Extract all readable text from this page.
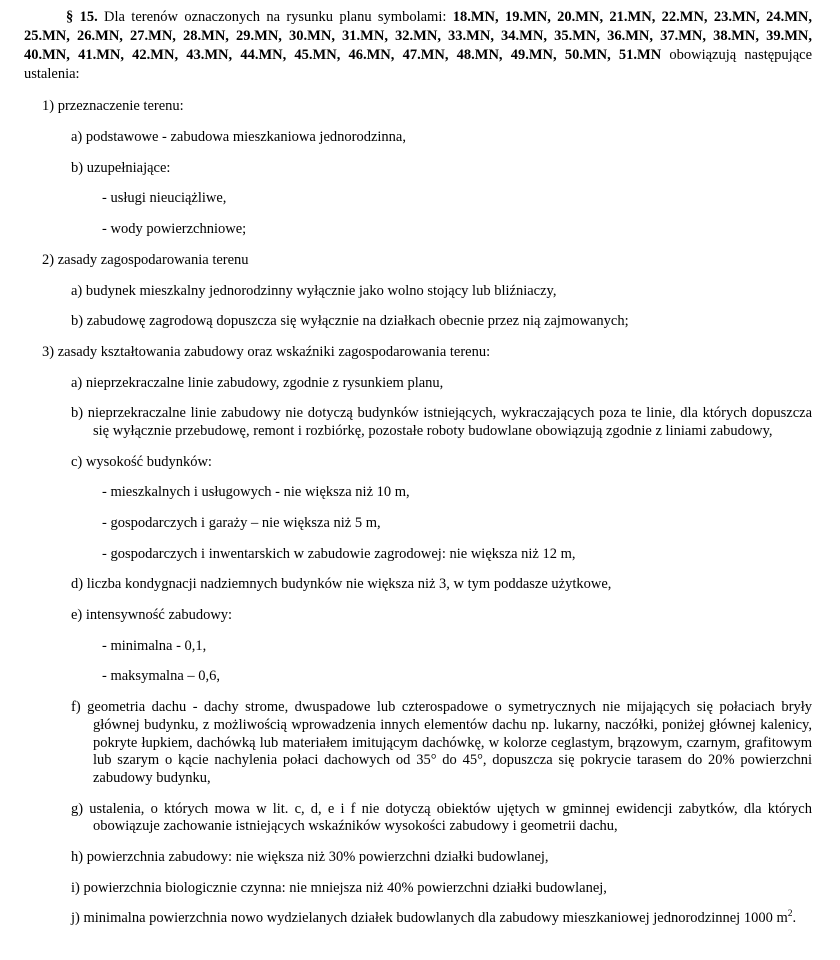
§ 15. Dla terenów oznaczonych na rysunku planu symbolami: 18.MN, 19.MN, 20.MN, 21.MN, 22.MN, 23.MN, 24.MN, 25.MN, 26.MN, 27.MN, 28.MN, 29.MN, 30.MN, 31.MN, 32.MN, 33.MN, 34.MN, 35.MN, 36.MN, 37.MN, 38.MN, 39.MN, 40.MN, 41.MN, 42.MN, 43.MN, 44.MN, 45.MN, 46.MN, 47.MN, 48.MN, 49.MN, 50.MN, 51.MN obowiązują następujące ustalenia:

1) przeznaczenie terenu:

a) podstawowe - zabudowa mieszkaniowa jednorodzinna,

b) uzupełniające:

- usługi nieuciążliwe,

- wody powierzchniowe;

2) zasady zagospodarowania terenu

a) budynek mieszkalny jednorodzinny wyłącznie jako wolno stojący lub bliźniaczy,

b) zabudowę zagrodową dopuszcza się wyłącznie na działkach obecnie przez nią zajmowanych;

3) zasady kształtowania zabudowy oraz wskaźniki zagospodarowania terenu:

a) nieprzekraczalne linie zabudowy, zgodnie z rysunkiem planu,

b) nieprzekraczalne linie zabudowy nie dotyczą budynków istniejących, wykraczających poza te linie, dla których dopuszcza się wyłącznie przebudowę, remont i rozbiórkę, pozostałe roboty budowlane obowiązują zgodnie z liniami zabudowy,

c) wysokość budynków:

- mieszkalnych i usługowych - nie większa niż 10 m,

- gospodarczych i garaży – nie większa niż 5 m,

- gospodarczych i inwentarskich w zabudowie zagrodowej: nie większa niż 12 m,

d) liczba kondygnacji nadziemnych budynków nie większa niż 3, w tym poddasze użytkowe,

e) intensywność zabudowy:

- minimalna - 0,1,

- maksymalna – 0,6,

f) geometria dachu - dachy strome, dwuspadowe lub czterospadowe o symetrycznych nie mijających się połaciach bryły głównej budynku, z możliwością wprowadzenia innych elementów dachu np. lukarny, naczółki, poniżej głównej kalenicy, pokryte łupkiem, dachówką lub materiałem imitującym dachówkę, w kolorze ceglastym, brązowym, czarnym, grafitowym lub szarym o kącie nachylenia połaci dachowych od 35° do 45°, dopuszcza się pokrycie tarasem do 20% powierzchni zabudowy budynku,

g) ustalenia, o których mowa w lit. c, d, e i f nie dotyczą obiektów ujętych w gminnej ewidencji zabytków, dla których obowiązuje zachowanie istniejących wskaźników wysokości zabudowy i geometrii dachu,

h) powierzchnia zabudowy: nie większa niż 30% powierzchni działki budowlanej,

i) powierzchnia biologicznie czynna: nie mniejsza niż 40% powierzchni działki budowlanej,

j) minimalna powierzchnia nowo wydzielanych działek budowlanych dla zabudowy mieszkaniowej jednorodzinnej 1000 $m^2$.
